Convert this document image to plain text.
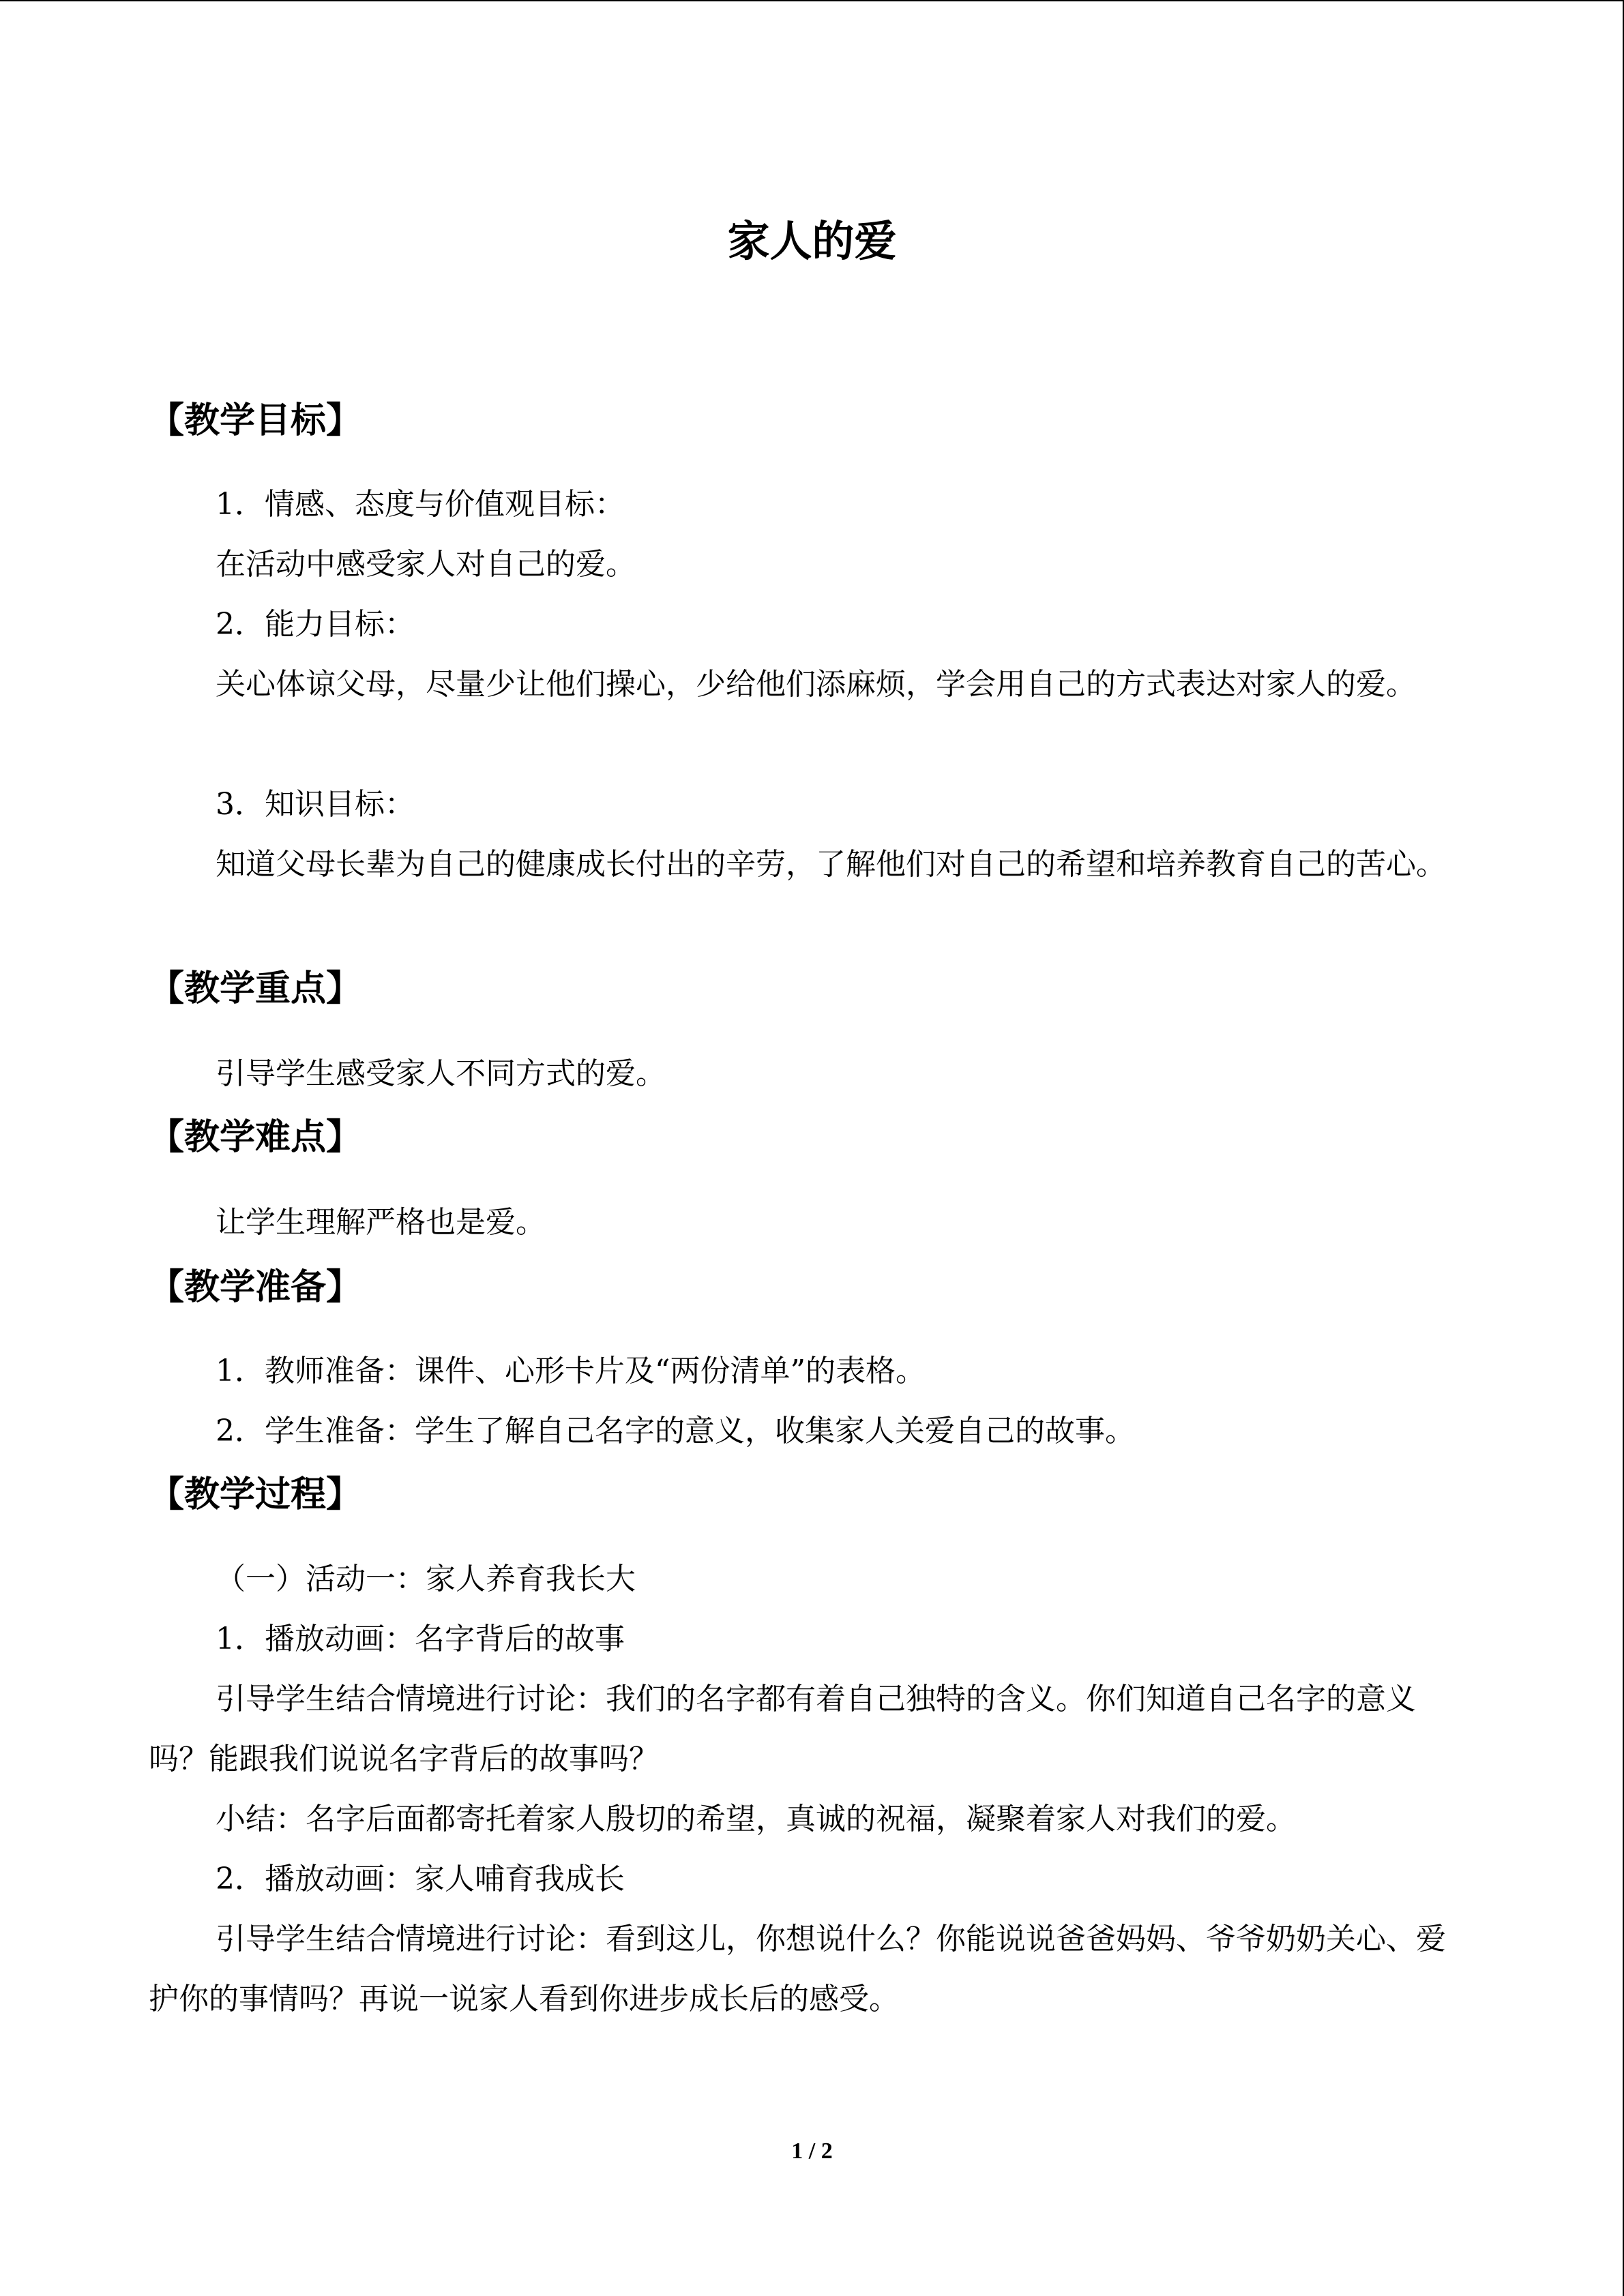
家人的爱
【教学目标】
1．情感、态度与价值观目标：
在活动中感受家人对自己的爱。
2．能力目标：
关心体谅父母，尽量少让他们操心，少给他们添麻烦，学会用自己的方式表达对家人的爱。
3．知识目标：
知道父母长辈为自己的健康成长付出的辛劳，了解他们对自己的希望和培养教育自己的苦心。
【教学重点】
引导学生感受家人不同方式的爱。
【教学难点】
让学生理解严格也是爱。
【教学准备】
1．教师准备：课件、心形卡片及“两份清单”的表格。
2．学生准备：学生了解自己名字的意义，收集家人关爱自己的故事。
【教学过程】
（一）活动一：家人养育我长大
1．播放动画：名字背后的故事
引导学生结合情境进行讨论：我们的名字都有着自己独特的含义。你们知道自己名字的意义吗？能跟我们说说名字背后的故事吗？
小结：名字后面都寄托着家人殷切的希望，真诚的祝福，凝聚着家人对我们的爱。
2．播放动画：家人哺育我成长
引导学生结合情境进行讨论：看到这儿，你想说什么？你能说说爸爸妈妈、爷爷奶奶关心、爱护你的事情吗？再说一说家人看到你进步成长后的感受。
1 / 2
